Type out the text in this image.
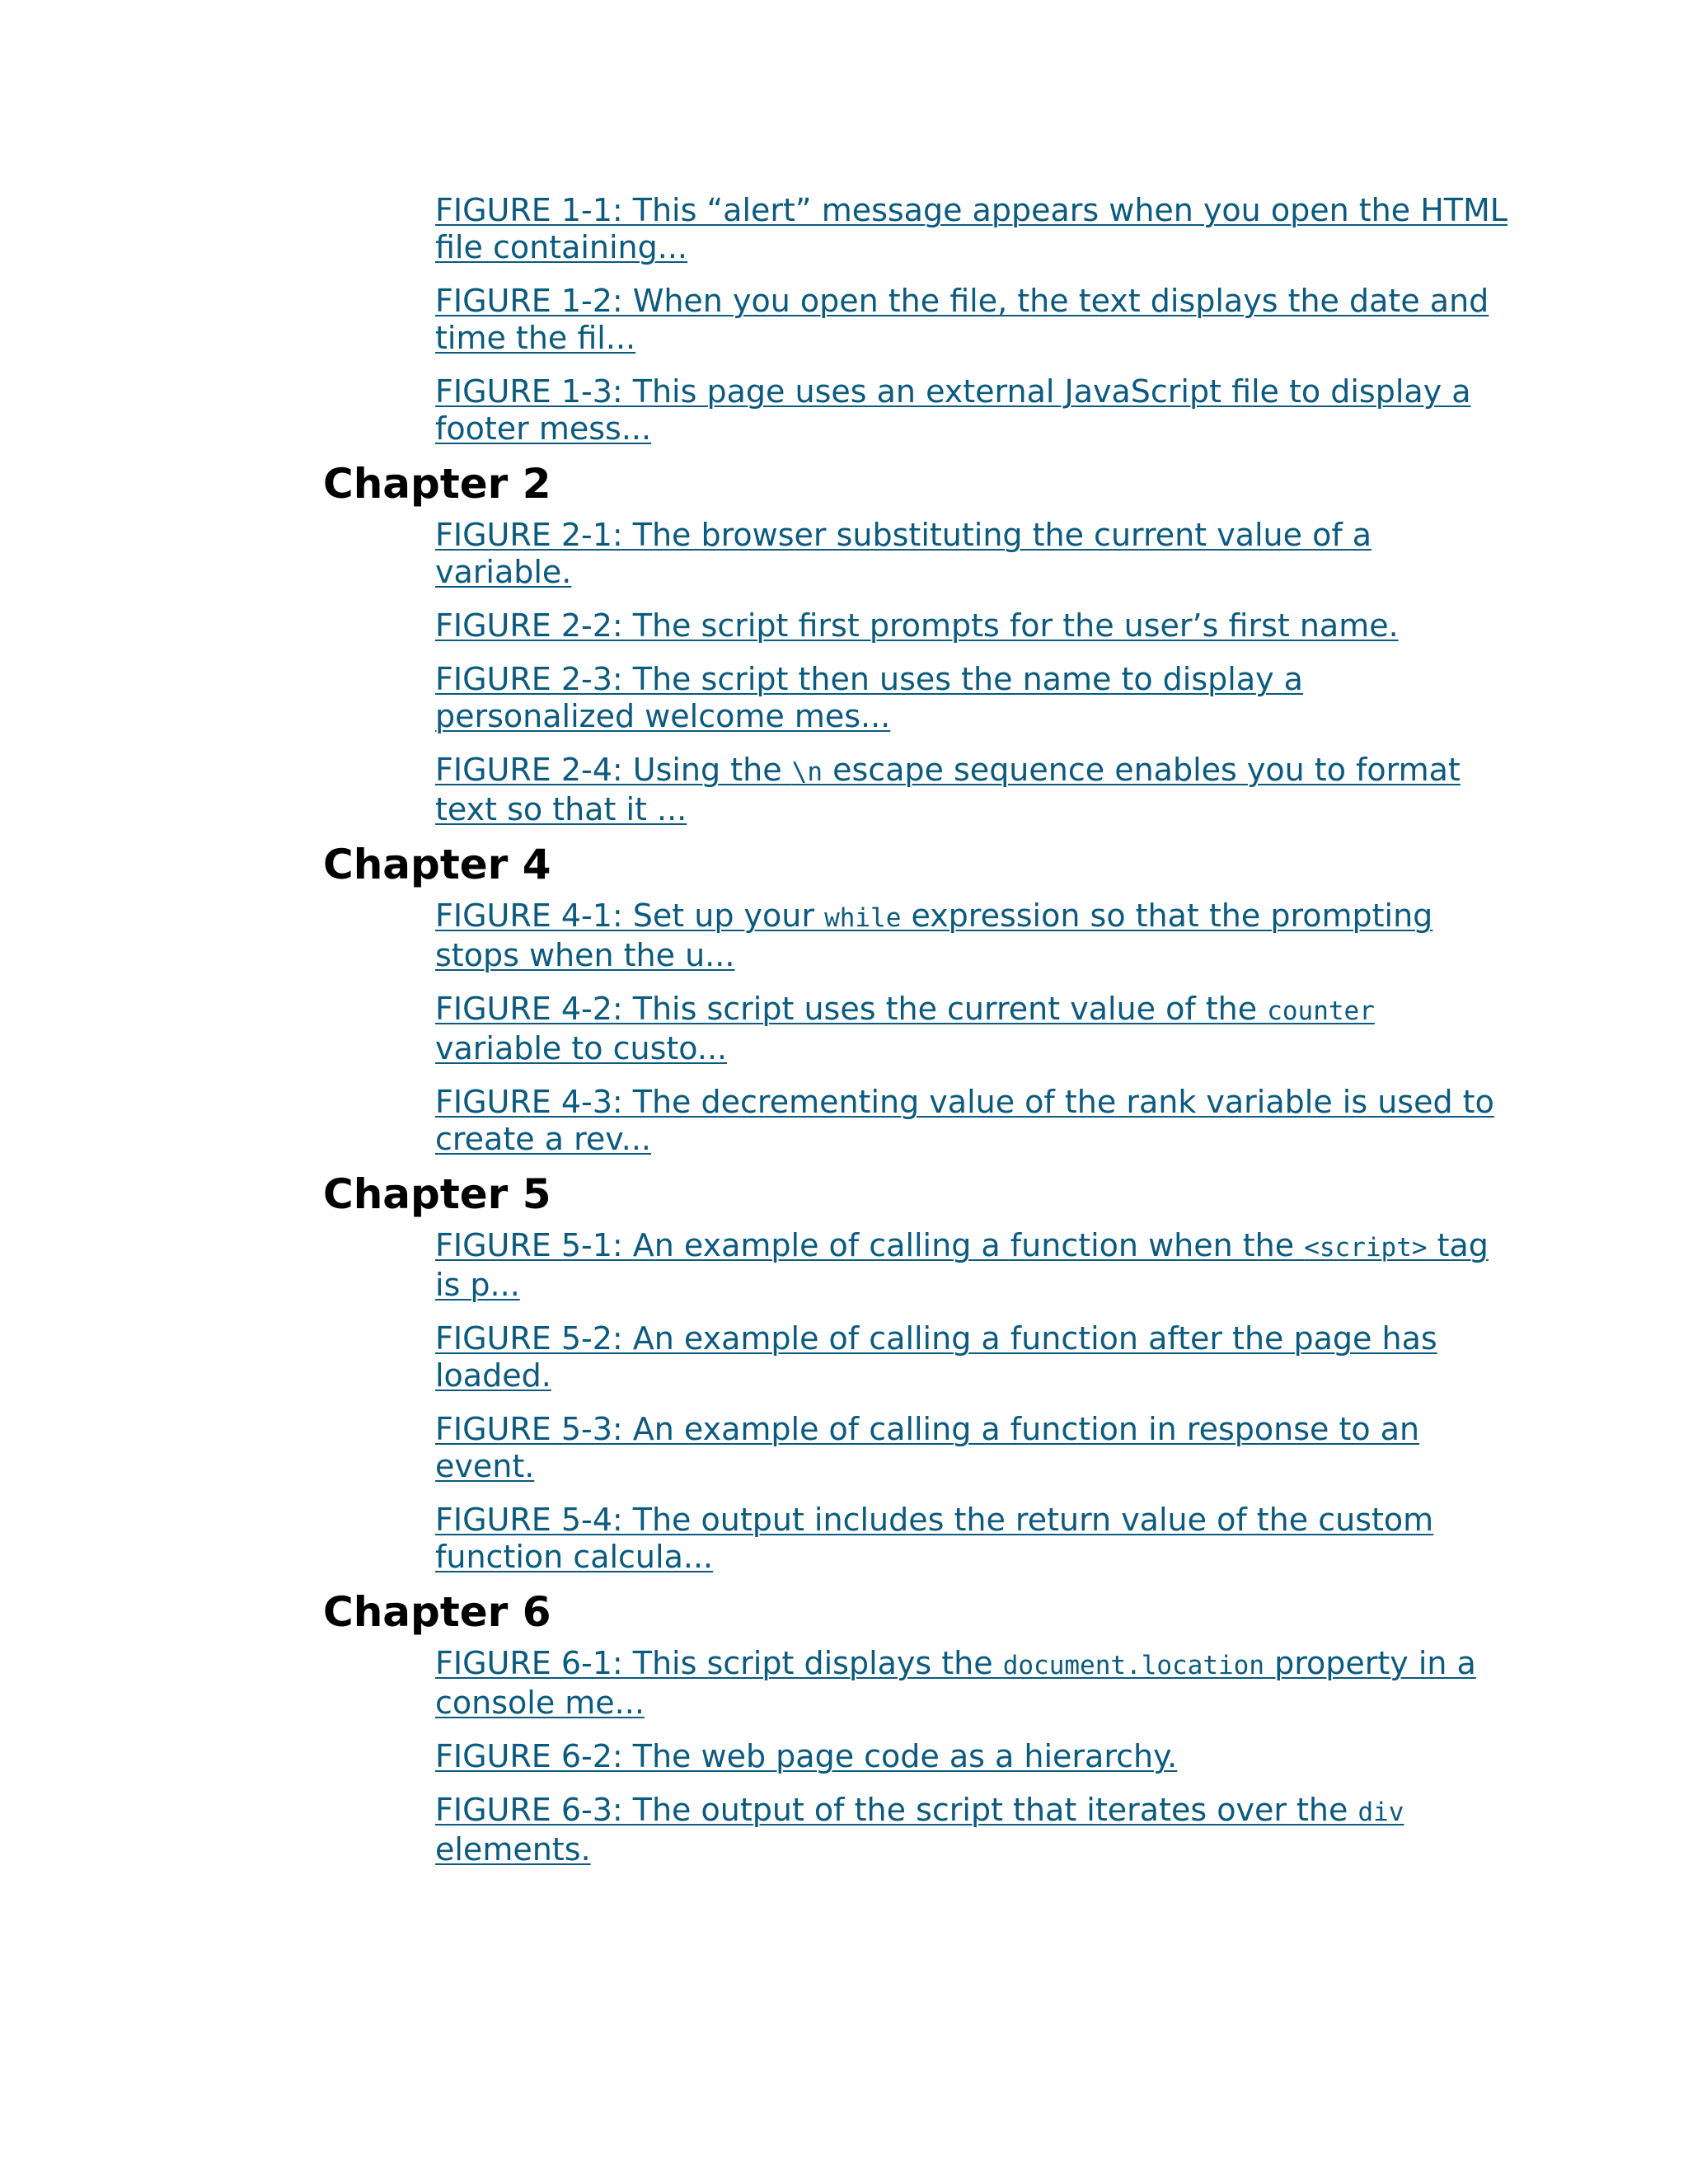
FIGURE 1-1: This “alert” message appears when you open the HTML file containing...
FIGURE 1-2: When you open the file, the text displays the date and time the fil...
FIGURE 1-3: This page uses an external JavaScript file to display a footer mess...
Chapter 2
FIGURE 2-1: The browser substituting the current value of a variable.
FIGURE 2-2: The script first prompts for the user’s first name.
FIGURE 2-3: The script then uses the name to display a personalized welcome mes...
FIGURE 2-4: Using the \n escape sequence enables you to format text so that it ...
Chapter 4
FIGURE 4-1: Set up your while expression so that the prompting stops when the u...
FIGURE 4-2: This script uses the current value of the counter variable to custo...
FIGURE 4-3: The decrementing value of the rank variable is used to create a rev...
Chapter 5
FIGURE 5-1: An example of calling a function when the <script> tag is p...
FIGURE 5-2: An example of calling a function after the page has loaded.
FIGURE 5-3: An example of calling a function in response to an event.
FIGURE 5-4: The output includes the return value of the custom function calcula...
Chapter 6
FIGURE 6-1: This script displays the document.location property in a console me...
FIGURE 6-2: The web page code as a hierarchy.
FIGURE 6-3: The output of the script that iterates over the div elements.
